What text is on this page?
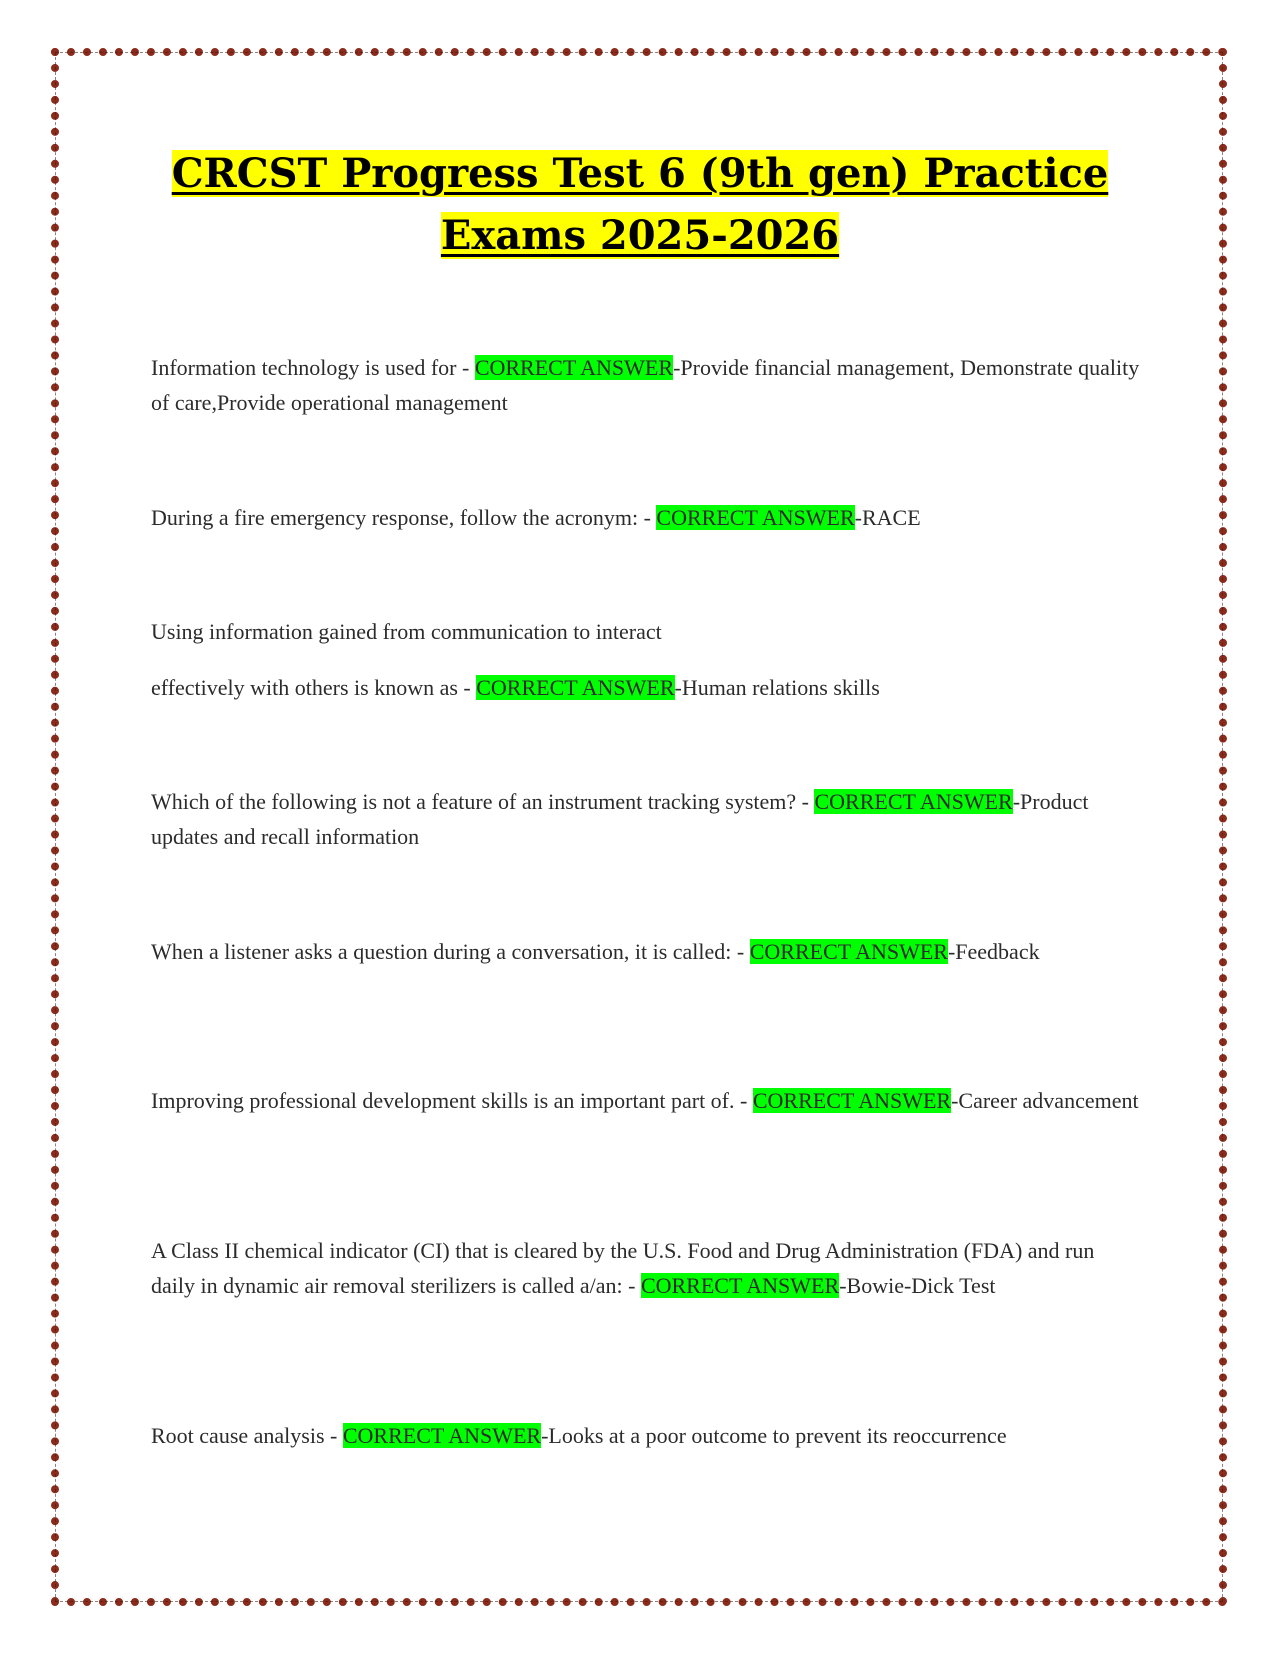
CRCST Progress Test 6 (9th gen) Practice
Exams 2025-2026
Information technology is used for - CORRECT ANSWER-Provide financial management, Demonstrate quality of care,Provide operational management
During a fire emergency response, follow the acronym: - CORRECT ANSWER-RACE
Using information gained from communication to interact
effectively with others is known as - CORRECT ANSWER-Human relations skills
Which of the following is not a feature of an instrument tracking system? - CORRECT ANSWER-Product updates and recall information
When a listener asks a question during a conversation, it is called: - CORRECT ANSWER-Feedback
Improving professional development skills is an important part of. - CORRECT ANSWER-Career advancement
A Class II chemical indicator (CI) that is cleared by the U.S. Food and Drug Administration (FDA) and run daily in dynamic air removal sterilizers is called a/an: - CORRECT ANSWER-Bowie-Dick Test
Root cause analysis - CORRECT ANSWER-Looks at a poor outcome to prevent its reoccurrence
